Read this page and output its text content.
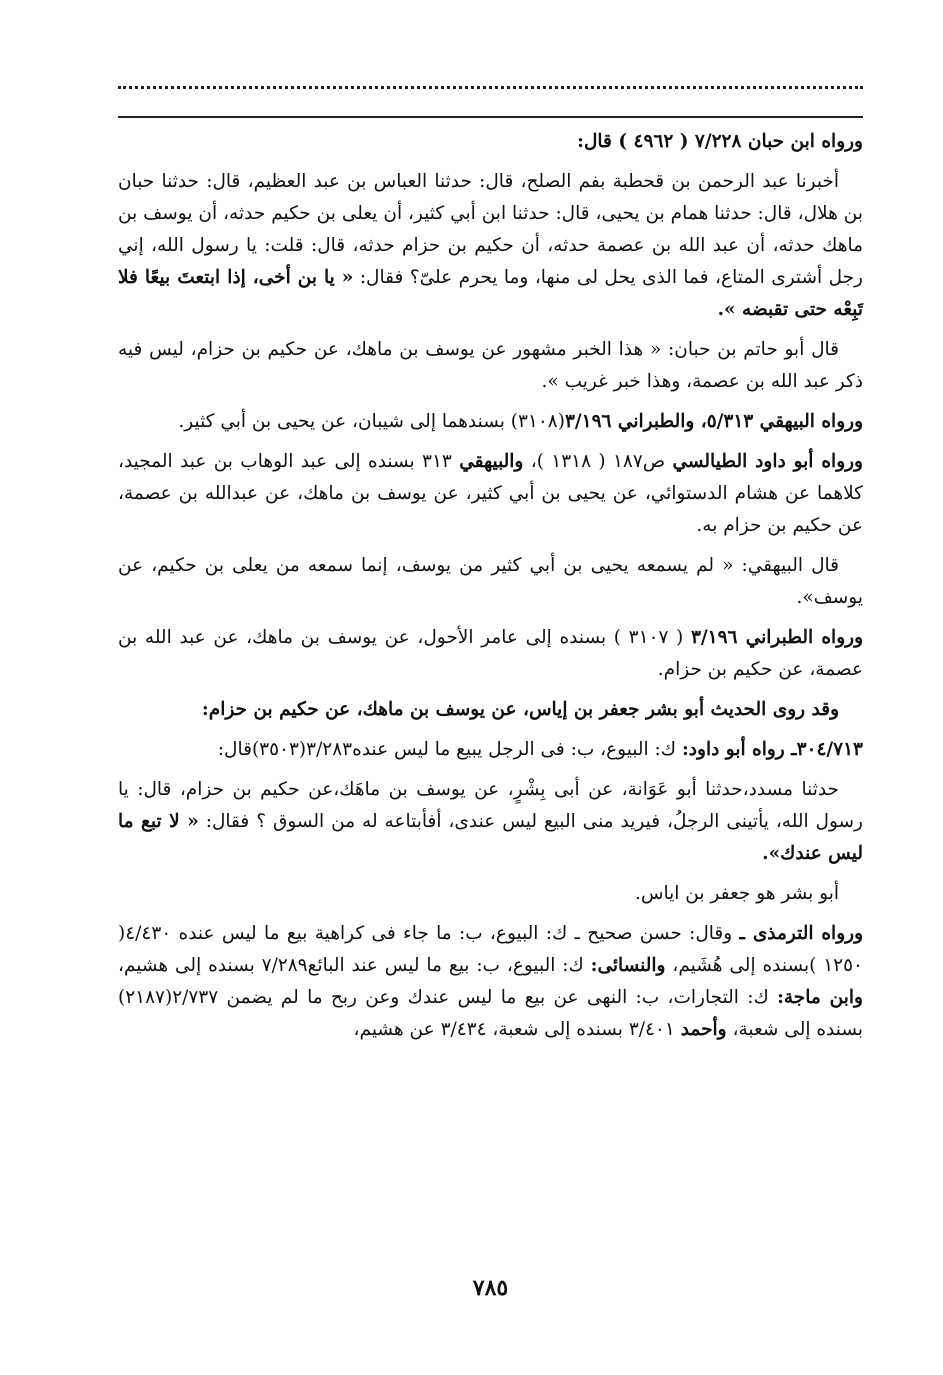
ورواه ابن حبان ٧/٢٢٨ ( ٤٩٦٢ ) قال:

أخبرنا عبد الرحمن بن قحطبة بفم الصلح، قال: حدثنا العباس بن عبد العظيم، قال: حدثنا حبان بن هلال، قال: حدثنا همام بن يحيى، قال: حدثنا ابن أبي كثير، أن يعلى بن حكيم حدثه، أن يوسف بن ماهك حدثه، أن عبد الله بن عصمة حدثه، أن حكيم بن حزام حدثه، قال: قلت: يا رسول الله، إني رجل أشترى المتاع، فما الذى يحل لى منها، وما يحرم علىّ؟ فقال: « يا بن أخى، إذا ابتعتَ بيعًا فلا تَبِعْه حتى تقبضه ».

قال أبو حاتم بن حبان: « هذا الخبر مشهور عن يوسف بن ماهك، عن حكيم بن حزام، ليس فيه ذكر عبد الله بن عصمة، وهذا خبر غريب ».

ورواه البيهقي ٥/٣١٣، والطبراني ٣/١٩٦(٣١٠٨) بسندهما إلى شيبان، عن يحيى بن أبي كثير.

ورواه أبو داود الطيالسي ص١٨٧ ( ١٣١٨ )، والبيهقي ٣١٣ بسنده إلى عبد الوهاب بن عبد المجيد، كلاهما عن هشام الدستوائي، عن يحيى بن أبي كثير، عن يوسف بن ماهك، عن عبدالله بن عصمة، عن حكيم بن حزام به.

قال البيهقي: « لم يسمعه يحيى بن أبي كثير من يوسف، إنما سمعه من يعلى بن حكيم، عن يوسف».

ورواه الطبراني ٣/١٩٦ ( ٣١٠٧ ) بسنده إلى عامر الأحول، عن يوسف بن ماهك، عن عبد الله بن عصمة، عن حكيم بن حزام.

وقد روى الحديث أبو بشر جعفر بن إياس، عن يوسف بن ماهك، عن حكيم بن حزام:

٣٠٤/٧١٣ـ رواه أبو داود: ك: البيوع، ب: فى الرجل يبيع ما ليس عنده٣/٢٨٣(٣٥٠٣)قال:

حدثنا مسدد،حدثنا أبو عَوَانة، عن أبى بِشْرٍ، عن يوسف بن ماهَك،عن حكيم بن حزام، قال: يا رسول الله، يأتينى الرجلُ، فيريد منى البيع ليس عندى، أفأبتاعه له من السوق ؟ فقال: « لا تبع ما ليس عندك».

أبو بشر هو جعفر بن اياس.

ورواه الترمذى ـ وقال: حسن صحيح ـ ك: البيوع، ب: ما جاء فى كراهية بيع ما ليس عنده ٤/٤٣٠( ١٢٥٠ )بسنده إلى هُشَيم، والنسائى: ك: البيوع، ب: بيع ما ليس عند البائع٧/٢٨٩ بسنده إلى هشيم، وابن ماجة: ك: التجارات، ب: النهى عن بيع ما ليس عندك وعن ربح ما لم يضمن ٢/٧٣٧(٢١٨٧) بسنده إلى شعبة، وأحمد ٣/٤٠١ بسنده إلى شعبة، ٣/٤٣٤ عن هشيم،

٧٨٥
